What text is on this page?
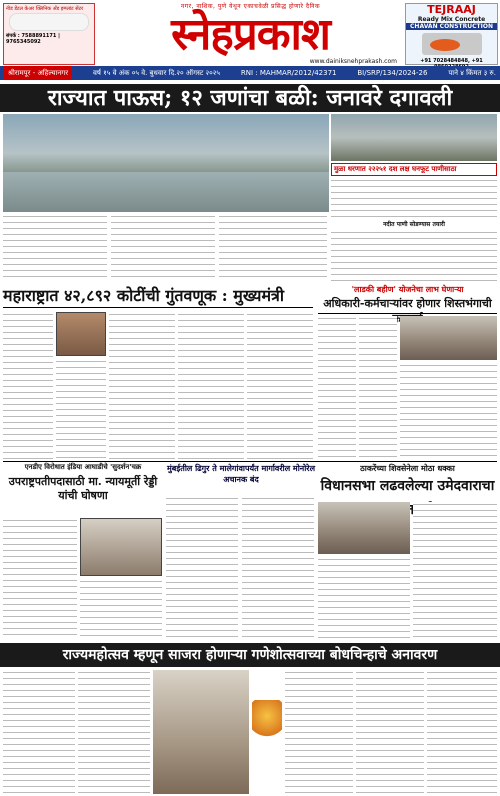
नीड डेंटल केअर क्लिनिक अँड इम्प्लांट सेंटर
संपर्क : 7588891171 | 9765345092
नगर, नाशिक, पुणे येथून एकाचवेळी प्रसिद्ध होणारे दैनिक
स्नेहप्रकाश	TEJRAAJ
Ready Mix Concrete
CHAVAN CONSTRUCTION
+91 7028484848, +91
www.dainiksnehprakash.com
श्रीरामपूर - अहिल्यानगर	वर्ष १५ वे अंक ०५ वे. बुधवार दि.२० ऑगस्ट २०२५	RNI : MAHMAR/2012/42371	BI/SRP/134/2024-26	पाने ४ किंमत ३ रु.
राज्यात पाऊस; १२ जणांचा बळी: जनावरे दगावली
मुळा धरणात २२२५१ दश लक्ष घनफूट पाणीसाठा
नदीत पाणी सोडण्यास तयारी
महाराष्ट्रात ४२,८९२ कोटींची गुंतवणूक : मुख्यमंत्री	'लाडकी बहीण' योजनेचा लाभ घेणाऱ्या
अधिकारी-कर्मचाऱ्यांवर होणार शिस्तभंगाची
एनडीए विरोधात इंडिया आघाडीचे 'सुदर्शन'चक्र
उपराष्ट्रपतीपदासाठी मा. न्यायमूर्ती रेड्डी यांची घोषणा
मुंबईतील ढिगुर ते मालेगांवापर्यंत मार्गावरील मोनोरेल अचानक बंद
ठाकरेंच्या शिवसेनेला मोठा धक्का
विधानसभा लढवलेल्या उमेदवाराचा
राज्यमहोत्सव म्हणून साजरा होणाऱ्या गणेशोत्सवाच्या बोधचिन्हाचे अनावरण
